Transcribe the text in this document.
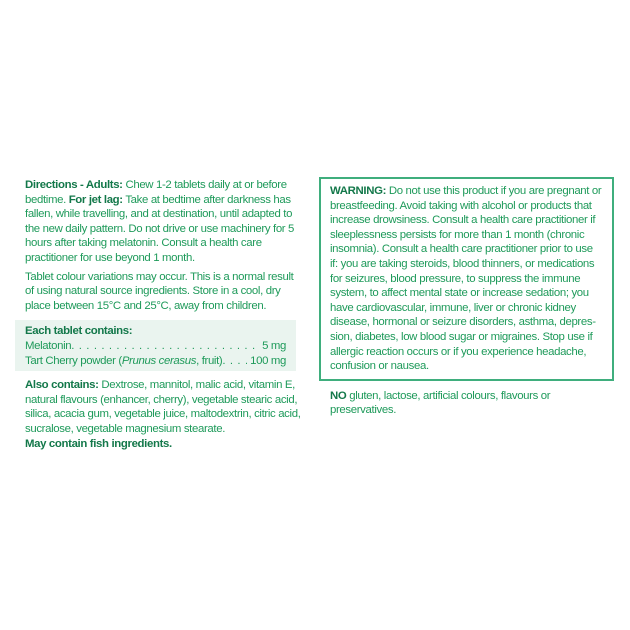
Directions - Adults: Chew 1-2 tablets daily at or before bedtime. For jet lag: Take at bedtime after darkness has fallen, while travelling, and at destination, until adapted to the new daily pattern. Do not drive or use machinery for 5 hours after taking melatonin. Consult a health care practitioner for use beyond 1 month.

Tablet colour variations may occur. This is a normal result of using natural source ingredients. Store in a cool, dry place between 15°C and 25°C, away from children.

Each tablet contains:
Melatonin . . .	5 mg
Tart Cherry powder (Prunus cerasus, fruit) . . . 100 mg

Also contains: Dextrose, mannitol, malic acid, vitamin E, natural flavours (enhancer, cherry), vegetable stearic acid, silica, acacia gum, vegetable juice, maltodextrin, citric acid, sucralose, vegetable magnesium stearate.
May contain fish ingredients.

WARNING: Do not use this product if you are pregnant or breastfeeding. Avoid taking with alcohol or products that increase drowsiness. Consult a health care practitioner if sleeplessness persists for more than 1 month (chronic insomnia). Consult a health care practitioner prior to use if: you are taking steroids, blood thinners, or medications for seizures, blood pressure, to suppress the immune system, to affect mental state or increase sedation; you have cardiovascular, immune, liver or chronic kidney disease, hormonal or seizure disorders, asthma, depres-sion, diabetes, low blood sugar or migraines. Stop use if allergic reaction occurs or if you experience headache, confusion or nausea.

NO gluten, lactose, artificial colours, flavours or preservatives.
